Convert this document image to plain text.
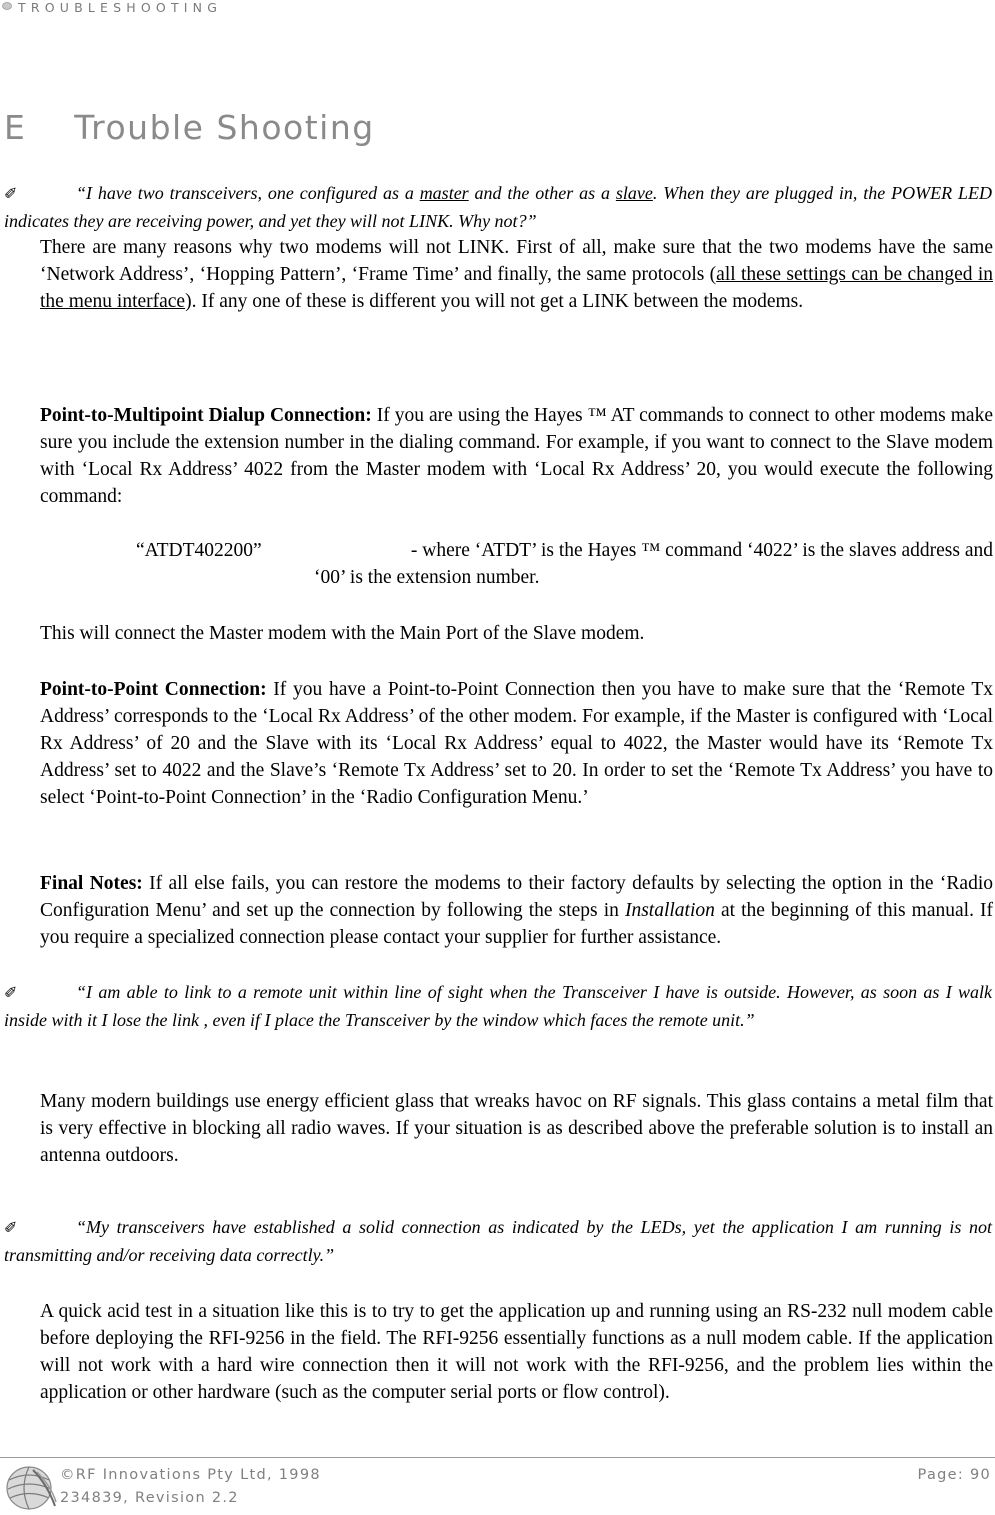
TROUBLESHOOTING
E    Trouble Shooting
✐	“I have two transceivers, one configured as a master and the other as a slave. When they are plugged in, the POWER LED indicates they are receiving power, and yet they will not LINK. Why not?”
There are many reasons why two modems will not LINK. First of all, make sure that the two modems have the same ‘Network Address’, ‘Hopping Pattern’, ‘Frame Time’ and finally, the same protocols (all these settings can be changed in the menu interface). If any one of these is different you will not get a LINK between the modems.
Point-to-Multipoint Dialup Connection: If you are using the Hayes ™ AT commands to connect to other modems make sure you include the extension number in the dialing command. For example, if you want to connect to the Slave modem with ‘Local Rx Address’ 4022 from the Master modem with ‘Local Rx Address’ 20, you would execute the following command:
“ATDT402200”	- where ‘ATDT’ is the Hayes ™ command ‘4022’ is the slaves address and
‘00’ is the extension number.
This will connect the Master modem with the Main Port of the Slave modem.
Point-to-Point Connection: If you have a Point-to-Point Connection then you have to make sure that the ‘Remote Tx Address’ corresponds to the ‘Local Rx Address’ of the other modem. For example, if the Master is configured with ‘Local Rx Address’ of 20 and the Slave with its ‘Local Rx Address’ equal to 4022, the Master would have its ‘Remote Tx Address’ set to 4022 and the Slave’s ‘Remote Tx Address’ set to 20. In order to set the ‘Remote Tx Address’ you have to select ‘Point-to-Point Connection’ in the ‘Radio Configuration Menu.’
Final Notes: If all else fails, you can restore the modems to their factory defaults by selecting the option in the ‘Radio Configuration Menu’ and set up the connection by following the steps in Installation at the beginning of this manual. If you require a specialized connection please contact your supplier for further assistance.
✐	“I am able to link to a remote unit within line of sight when the Transceiver I have is outside. However, as soon as I walk inside with it I lose the link , even if I place the Transceiver by the window which faces the remote unit.”
Many modern buildings use energy efficient glass that wreaks havoc on RF signals. This glass contains a metal film that is very effective in blocking all radio waves. If your situation is as described above the preferable solution is to install an antenna outdoors.
✐	“My transceivers have established a solid connection as indicated by the LEDs, yet the application I am running is not transmitting and/or receiving data correctly.”
A quick acid test in a situation like this is to try to get the application up and running using an RS-232 null modem cable before deploying the RFI-9256 in the field. The RFI-9256 essentially functions as a null modem cable. If the application will not work with a hard wire connection then it will not work with the RFI-9256, and the problem lies within the application or other hardware (such as the computer serial ports or flow control).
©RF Innovations Pty Ltd, 1998
234839, Revision 2.2
Page: 90
